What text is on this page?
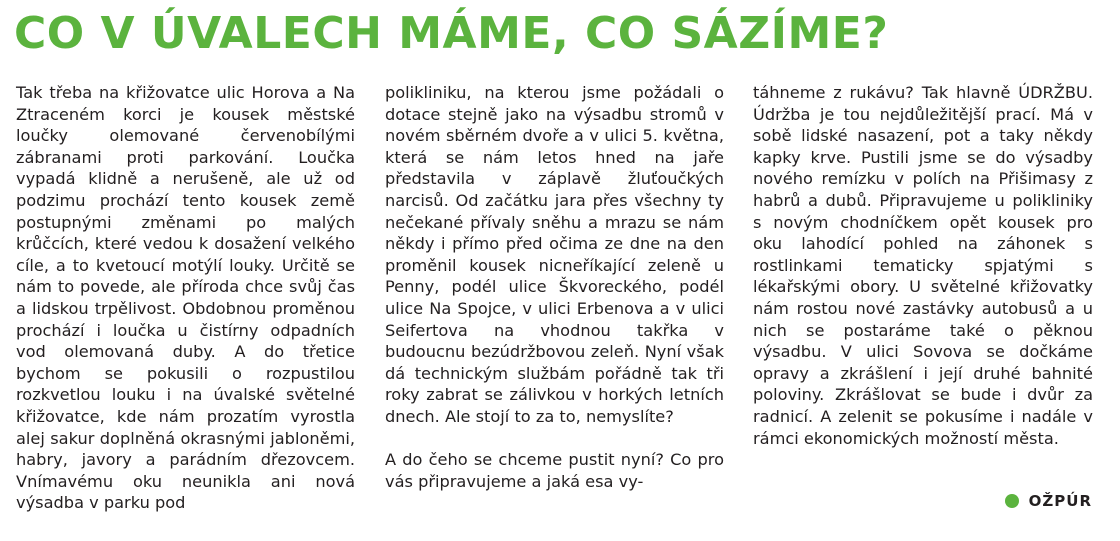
CO V ÚVALECH MÁME, CO SÁZÍME?

Tak třeba na křižovatce ulic Horova a Na Ztraceném korci je kousek městské loučky olemované červenobílými zábranami proti parkování. Loučka vypadá klidně a nerušeně, ale už od podzimu prochází tento kousek země postupnými změnami po malých krůčcích, které vedou k dosažení velkého cíle, a to kvetoucí motýlí louky. Určitě se nám to povede, ale příroda chce svůj čas a lidskou trpělivost. Obdobnou proměnou prochází i loučka u čistírny odpadních vod olemovaná duby. A do třetice bychom se pokusili o rozpustilou rozkvetlou louku i na úvalské světelné křižovatce, kde nám prozatím vyrostla alej sakur doplněná okrasnými jabloněmi, habry, javory a parádním dřezovcem. Vnímavému oku neunikla ani nová výsadba v parku pod

polikliniku, na kterou jsme požádali o dotace stejně jako na výsadbu stromů v novém sběrném dvoře a v ulici 5. května, která se nám letos hned na jaře představila v záplavě žluťoučkých narcisů. Od začátku jara přes všechny ty nečekané přívaly sněhu a mrazu se nám někdy i přímo před očima ze dne na den proměnil kousek nicneříkající zeleně u Penny, podél ulice Škvoreckého, podél ulice Na Spojce, v ulici Erbenova a v ulici Seifertova na vhodnou takřka v budoucnu bezúdržbovou zeleň. Nyní však dá technickým službám pořádně tak tři roky zabrat se zálivkou v horkých letních dnech. Ale stojí to za to, nemyslíte?

A do čeho se chceme pustit nyní? Co pro vás připravujeme a jaká esa vy-

táhneme z rukávu? Tak hlavně ÚDRŽBU. Údržba je tou nejdůležitější prací. Má v sobě lidské nasazení, pot a taky někdy kapky krve. Pustili jsme se do výsadby nového remízku v polích na Přišimasy z habrů a dubů. Připravujeme u polikliniky s novým chodníčkem opět kousek pro oku lahodící pohled na záhonek s rostlinkami tematicky spjatými s lékařskými obory. U světelné křižovatky nám rostou nové zastávky autobusů a u nich se postaráme také o pěknou výsadbu. V ulici Sovova se dočkáme opravy a zkrášlení i její druhé bahnité poloviny. Zkrášlovat se bude i dvůr za radnicí. A zelenit se pokusíme i nadále v rámci ekonomických možností města.

OŽPÚR
